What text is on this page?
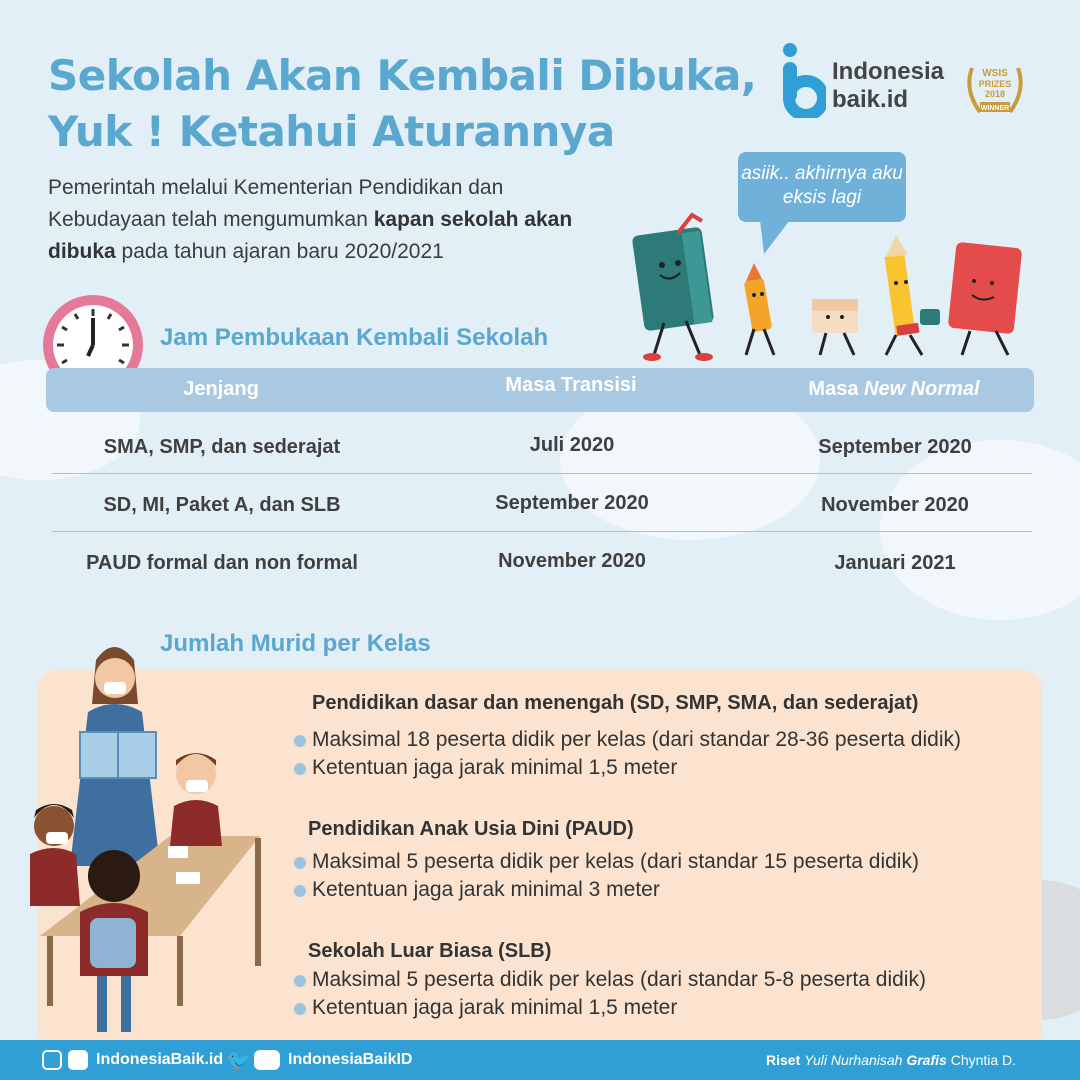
Sekolah Akan Kembali Dibuka,
Yuk ! Ketahui Aturannya
Pemerintah melalui Kementerian Pendidikan dan Kebudayaan telah mengumumkan kapan sekolah akan dibuka pada tahun ajaran baru 2020/2021
Indonesia
baik.id
WSIS
PRIZES
2018
WINNER
asiik.. akhirnya aku eksis lagi
Jam Pembukaan Kembali Sekolah
Jenjang	Masa Transisi	Masa New Normal
SMA, SMP, dan sederajat	Juli 2020	September 2020
SD, MI, Paket A, dan SLB	September 2020	November 2020
PAUD formal dan non formal	November 2020	Januari 2021
Jumlah Murid per Kelas
Pendidikan dasar dan menengah (SD, SMP, SMA, dan sederajat)
Maksimal 18 peserta didik per kelas (dari standar 28-36 peserta didik)
Ketentuan jaga jarak minimal 1,5 meter
Pendidikan Anak Usia Dini (PAUD)
Maksimal 5 peserta didik per kelas (dari standar 15 peserta didik)
Ketentuan jaga jarak minimal 3 meter
Sekolah Luar Biasa (SLB)
Maksimal 5 peserta didik per kelas (dari standar 5-8 peserta didik)
Ketentuan jaga jarak minimal 1,5 meter
IndonesiaBaik.id 🐦 IndonesiaBaikID	Riset Yuli Nurhanisah Grafis Chyntia D.
